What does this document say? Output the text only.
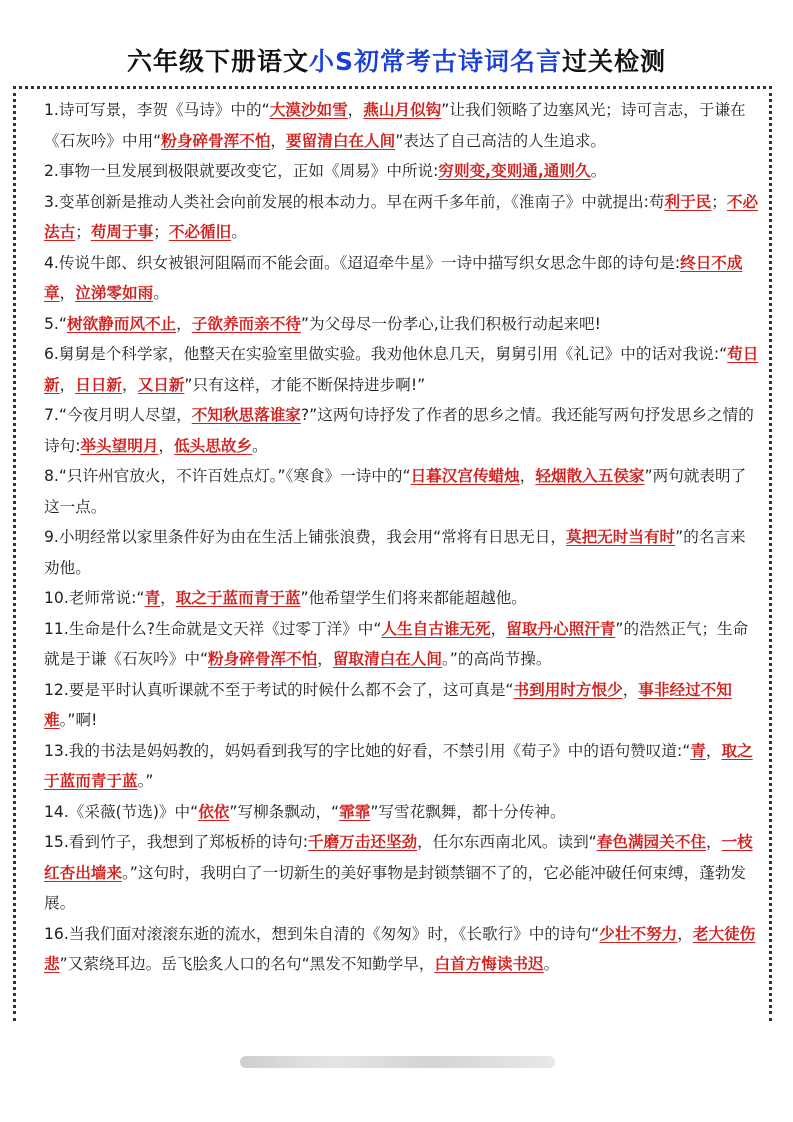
六年级下册语文小S初常考古诗词名言过关检测

1.诗可写景，李贺《马诗》中的“大漠沙如雪，燕山月似钩”让我们领略了边塞风光；诗可言志，于谦在《石灰吟》中用“粉身碎骨浑不怕，要留清白在人间”表达了自己高洁的人生追求。

2.事物一旦发展到极限就要改变它，正如《周易》中所说:穷则变,变则通,通则久。

3.变革创新是推动人类社会向前发展的根本动力。早在两千多年前，《淮南子》中就提出:苟利于民；不必法古；苟周于事；不必循旧。

4.传说牛郎、织女被银河阻隔而不能会面。《迢迢牵牛星》一诗中描写织女思念牛郎的诗句是:终日不成章，泣涕零如雨。

5.“树欲静而风不止，子欲养而亲不待”为父母尽一份孝心,让我们积极行动起来吧!

6.舅舅是个科学家，他整天在实验室里做实验。我劝他休息几天，舅舅引用《礼记》中的话对我说:“苟日新，日日新，又日新”只有这样，才能不断保持进步啊!”

7.“今夜月明人尽望，不知秋思落谁家?”这两句诗抒发了作者的思乡之情。我还能写两句抒发思乡之情的诗句:举头望明月，低头思故乡。

8.“只许州官放火，不许百姓点灯。”《寒食》一诗中的“日暮汉宫传蜡烛，轻烟散入五侯家”两句就表明了这一点。

9.小明经常以家里条件好为由在生活上铺张浪费，我会用“常将有日思无日，莫把无时当有时”的名言来劝他。

10.老师常说:“青，取之于蓝而青于蓝”他希望学生们将来都能超越他。

11.生命是什么?生命就是文天祥《过零丁洋》中“人生自古谁无死，留取丹心照汗青”的浩然正气；生命就是于谦《石灰吟》中“粉身碎骨浑不怕，留取清白在人间。”的高尚节操。

12.要是平时认真听课就不至于考试的时候什么都不会了，这可真是“书到用时方恨少，事非经过不知难。”啊!

13.我的书法是妈妈教的，妈妈看到我写的字比她的好看，不禁引用《荀子》中的语句赞叹道:“青，取之于蓝而青于蓝。”

14.《采薇(节选)》中“依依”写柳条飘动，“霏霏”写雪花飘舞，都十分传神。

15.看到竹子，我想到了郑板桥的诗句:千磨万击还坚劲，任尔东西南北风。读到“春色满园关不住，一枝红杏出墙来。”这句时，我明白了一切新生的美好事物是封锁禁锢不了的，它必能冲破任何束缚，蓬勃发展。

16.当我们面对滚滚东逝的流水，想到朱自清的《匆匆》时，《长歌行》中的诗句“少壮不努力，老大徒伤悲”又萦绕耳边。岳飞脍炙人口的名句“黑发不知勤学早，白首方悔读书迟。
